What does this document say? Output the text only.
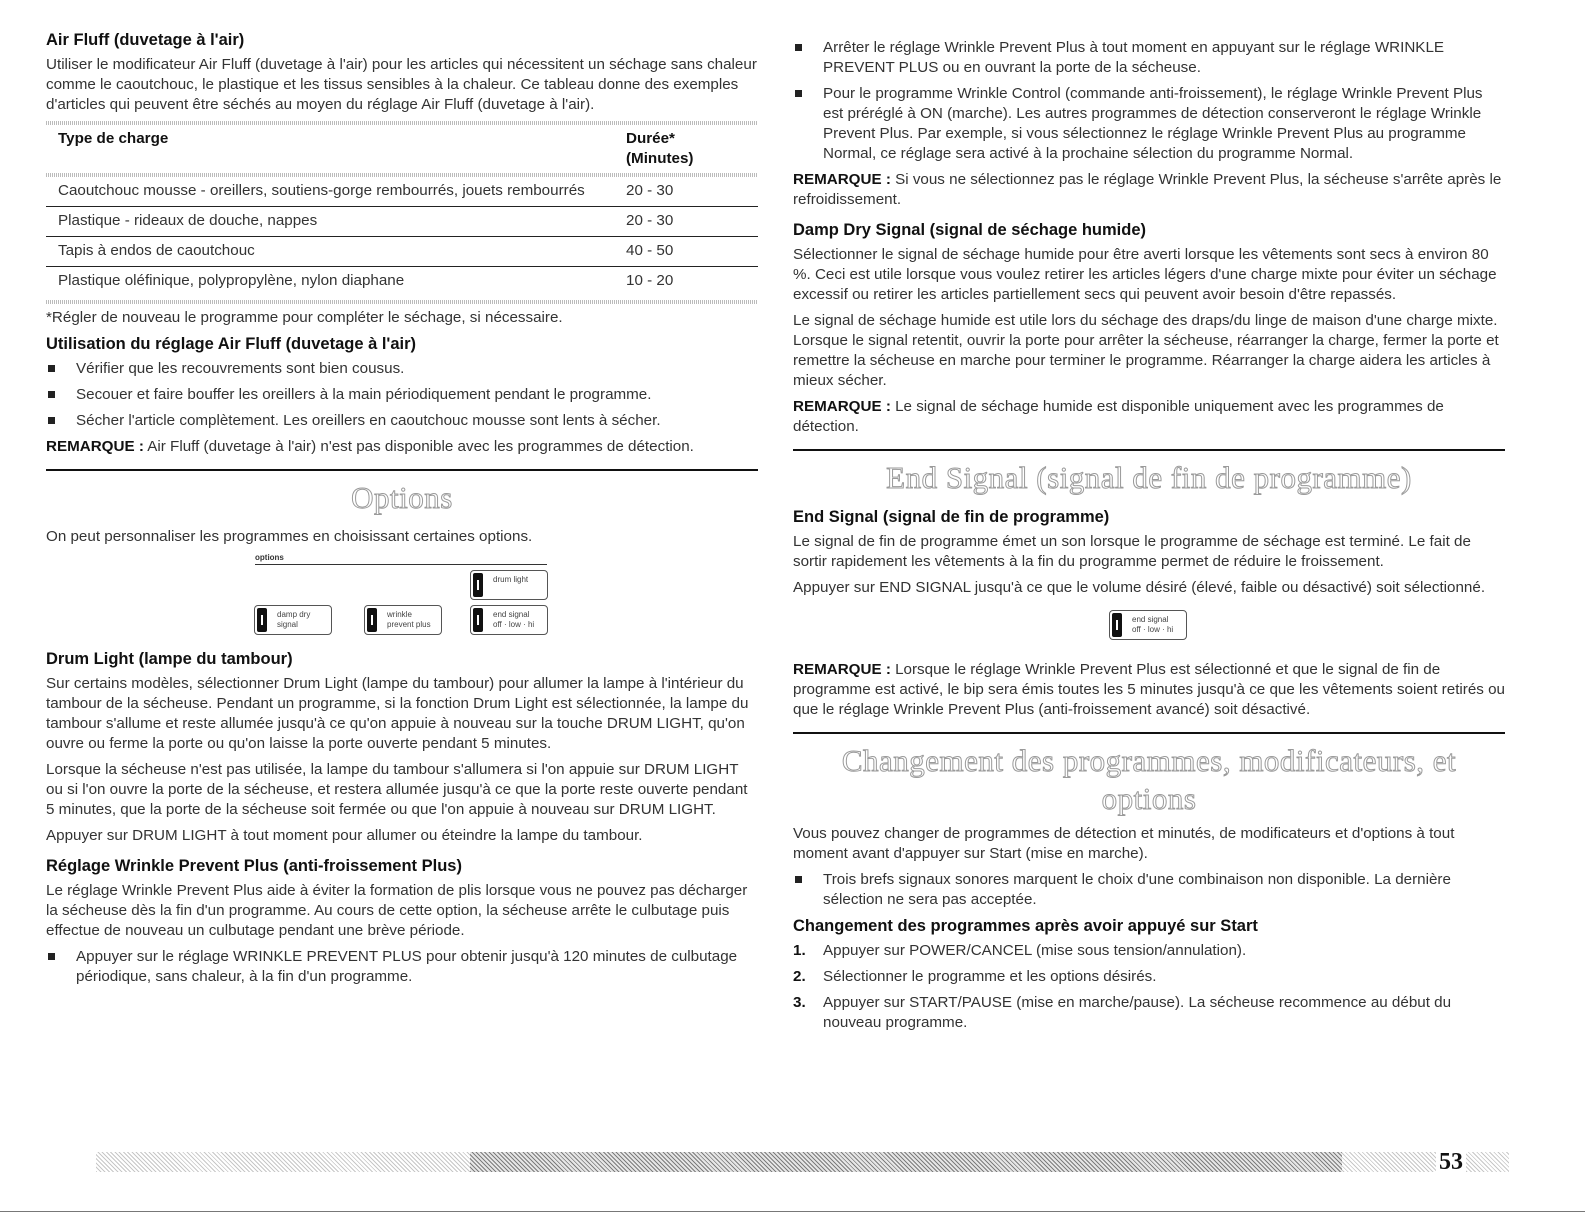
Air Fluff (duvetage à l'air)

Utiliser le modificateur Air Fluff (duvetage à l'air) pour les articles qui nécessitent un séchage sans chaleur comme le caoutchouc, le plastique et les tissus sensibles à la chaleur. Ce tableau donne des exemples d'articles qui peuvent être séchés au moyen du réglage Air Fluff (duvetage à l'air).

Type de charge	Durée*
(Minutes)

Caoutchouc mousse - oreillers, soutiens-gorge rembourrés, jouets rembourrés	20 - 30
Plastique - rideaux de douche, nappes	20 - 30
Tapis à endos de caoutchouc	40 - 50
Plastique oléfinique, polypropylène, nylon diaphane	10 - 20

*Régler de nouveau le programme pour compléter le séchage, si nécessaire.

Utilisation du réglage Air Fluff (duvetage à l'air)
Vérifier que les recouvrements sont bien cousus.
Secouer et faire bouffer les oreillers à la main périodiquement pendant le programme.
Sécher l'article complètement. Les oreillers en caoutchouc mousse sont lents à sécher.

REMARQUE : Air Fluff (duvetage à l'air) n'est pas disponible avec les programmes de détection.

Options

On peut personnaliser les programmes en choisissant certaines options.

options
drum light
damp dry
signal
wrinkle
prevent plus
end signal
off · low · hi
Drum Light (lampe du tambour)

Sur certains modèles, sélectionner Drum Light (lampe du tambour) pour allumer la lampe à l'intérieur du tambour de la sécheuse. Pendant un programme, si la fonction Drum Light est sélectionnée, la lampe du tambour s'allume et reste allumée jusqu'à ce qu'on appuie à nouveau sur la touche DRUM LIGHT, qu'on ouvre ou ferme la porte ou qu'on laisse la porte ouverte pendant 5 minutes.

Lorsque la sécheuse n'est pas utilisée, la lampe du tambour s'allumera si l'on appuie sur DRUM LIGHT ou si l'on ouvre la porte de la sécheuse, et restera allumée jusqu'à ce que la porte reste ouverte pendant 5 minutes, que la porte de la sécheuse soit fermée ou que l'on appuie à nouveau sur DRUM LIGHT.

Appuyer sur DRUM LIGHT à tout moment pour allumer ou éteindre la lampe du tambour.

Réglage Wrinkle Prevent Plus (anti-froissement Plus)

Le réglage Wrinkle Prevent Plus aide à éviter la formation de plis lorsque vous ne pouvez pas décharger la sécheuse dès la fin d'un programme. Au cours de cette option, la sécheuse arrête le culbutage puis effectue de nouveau un culbutage pendant une brève période.

Appuyer sur le réglage WRINKLE PREVENT PLUS pour obtenir jusqu'à 120 minutes de culbutage périodique, sans chaleur, à la fin d'un programme.
Arrêter le réglage Wrinkle Prevent Plus à tout moment en appuyant sur le réglage WRINKLE PREVENT PLUS ou en ouvrant la porte de la sécheuse.
Pour le programme Wrinkle Control (commande anti-froissement), le réglage Wrinkle Prevent Plus est préréglé à ON (marche). Les autres programmes de détection conserveront le réglage Wrinkle Prevent Plus. Par exemple, si vous sélectionnez le réglage Wrinkle Prevent Plus au programme Normal, ce réglage sera activé à la prochaine sélection du programme Normal.

REMARQUE : Si vous ne sélectionnez pas le réglage Wrinkle Prevent Plus, la sécheuse s'arrête après le refroidissement.

Damp Dry Signal (signal de séchage humide)

Sélectionner le signal de séchage humide pour être averti lorsque les vêtements sont secs à environ 80 %. Ceci est utile lorsque vous voulez retirer les articles légers d'une charge mixte pour éviter un séchage excessif ou retirer les articles partiellement secs qui peuvent avoir besoin d'être repassés.

Le signal de séchage humide est utile lors du séchage des draps/du linge de maison d'une charge mixte. Lorsque le signal retentit, ouvrir la porte pour arrêter la sécheuse, réarranger la charge, fermer la porte et remettre la sécheuse en marche pour terminer le programme. Réarranger la charge aidera les articles à mieux sécher.

REMARQUE : Le signal de séchage humide est disponible uniquement avec les programmes de détection.

End Signal (signal de fin de programme)
End Signal (signal de fin de programme)

Le signal de fin de programme émet un son lorsque le programme de séchage est terminé. Le fait de sortir rapidement les vêtements à la fin du programme permet de réduire le froissement.

Appuyer sur END SIGNAL jusqu'à ce que le volume désiré (élevé, faible ou désactivé) soit sélectionné.

end signal
off · low · hi

REMARQUE : Lorsque le réglage Wrinkle Prevent Plus est sélectionné et que le signal de fin de programme est activé, le bip sera émis toutes les 5 minutes jusqu'à ce que les vêtements soient retirés ou que le réglage Wrinkle Prevent Plus (anti-froissement avancé) soit désactivé.

Changement des programmes, modificateurs, et
options

Vous pouvez changer de programmes de détection et minutés, de modificateurs et d'options à tout moment avant d'appuyer sur Start (mise en marche).

Trois brefs signaux sonores marquent le choix d'une combinaison non disponible. La dernière sélection ne sera pas acceptée.
Changement des programmes après avoir appuyé sur Start
1. Appuyer sur POWER/CANCEL (mise sous tension/annulation).
2. Sélectionner le programme et les options désirés.
3. Appuyer sur START/PAUSE (mise en marche/pause). La sécheuse recommence au début du nouveau programme.
53
